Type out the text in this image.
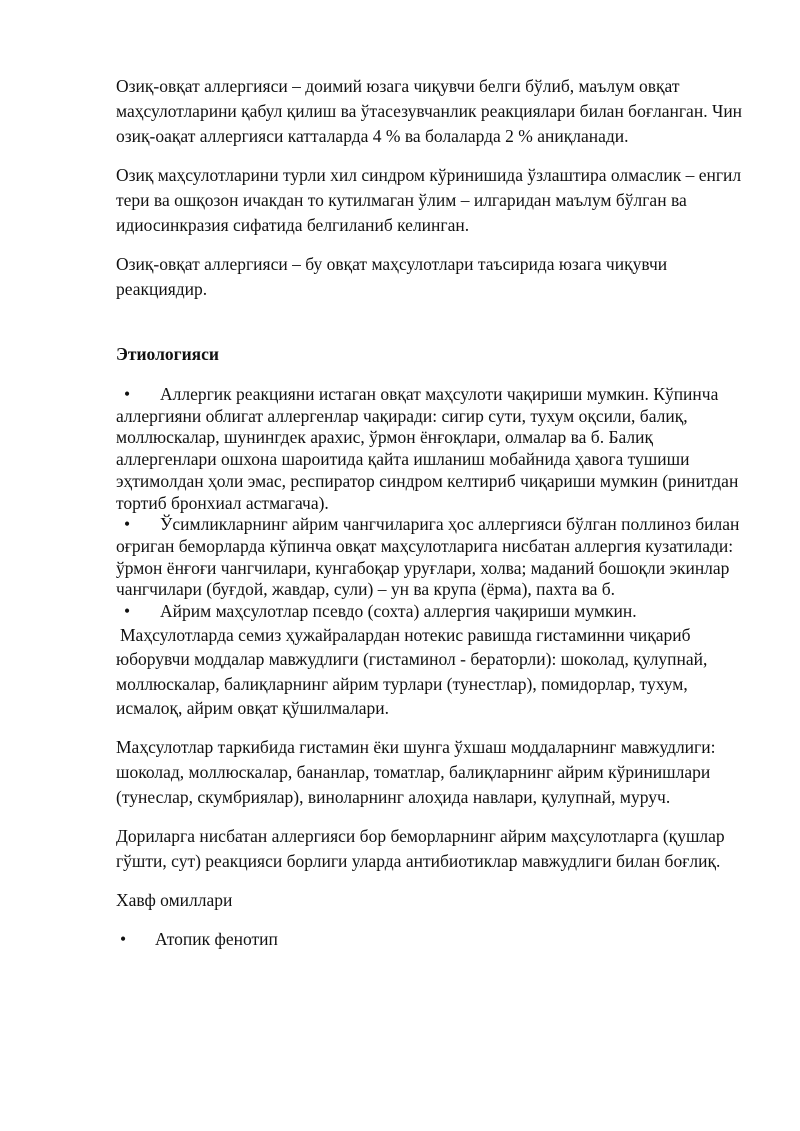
Озиқ-овқат аллергияси – доимий юзага чиқувчи белги бўлиб, маълум овқат маҳсулотларини қабул қилиш ва ўтасезувчанлик реакциялари билан боғланган. Чин озиқ-оақат аллергияси катталарда 4 % ва болаларда 2 % аниқланади.

Озиқ маҳсулотларини турли хил синдром кўринишида ўзлаштира олмаслик – енгил тери ва ошқозон ичакдан то кутилмаган ўлим – илгаридан маълум бўлган ва идиосинкразия сифатида белгиланиб келинган.

Озиқ-овқат аллергияси – бу овқат маҳсулотлари таъсирида юзага чиқувчи реакциядир.

Этиологияси

• Аллергик реакцияни истаган овқат маҳсулоти чақириши мумкин. Кўпинча аллергияни облигат аллергенлар чақиради: сигир сути, тухум оқсили, балиқ, моллюскалар, шунингдек арахис, ўрмон ёнғоқлари, олмалар ва б. Балиқ аллергенлари ошхона шароитида қайта ишланиш мобайнида ҳавога тушиши эҳтимолдан ҳоли эмас, респиратор синдром келтириб чиқариши мумкин (ринитдан тортиб бронхиал астмагача).

• Ўсимликларнинг айрим чангчиларига ҳос аллергияси бўлган поллиноз билан оғриган беморларда кўпинча овқат маҳсулотларига нисбатан аллергия кузатилади: ўрмон ёнғоғи чангчилари, кунгабоқар уруғлари, холва; маданий бошоқли экинлар чангчилари (буғдой, жавдар, сули) – ун ва крупа (ёрма), пахта ва б.

• Айрим маҳсулотлар псевдо (сохта) аллергия чақириши мумкин.

Маҳсулотларда семиз ҳужайралардан нотекис равишда гистаминни чиқариб юборувчи моддалар мавжудлиги (гистаминол - бераторли): шоколад, қулупнай, моллюскалар, балиқларнинг айрим турлари (тунестлар), помидорлар, тухум, исмалоқ, айрим овқат қўшилмалари.

Маҳсулотлар таркибида гистамин ёки шунга ўхшаш моддаларнинг мавжудлиги: шоколад, моллюскалар, бананлар, томатлар, балиқларнинг айрим кўринишлари (тунеслар, скумбриялар), виноларнинг алоҳида навлари, қулупнай, муруч.

Дориларга нисбатан аллергияси бор беморларнинг айрим маҳсулотларга (қушлар гўшти, сут) реакцияси борлиги уларда антибиотиклар мавжудлиги билан боғлиқ.

Хавф омиллари

• Атопик фенотип
